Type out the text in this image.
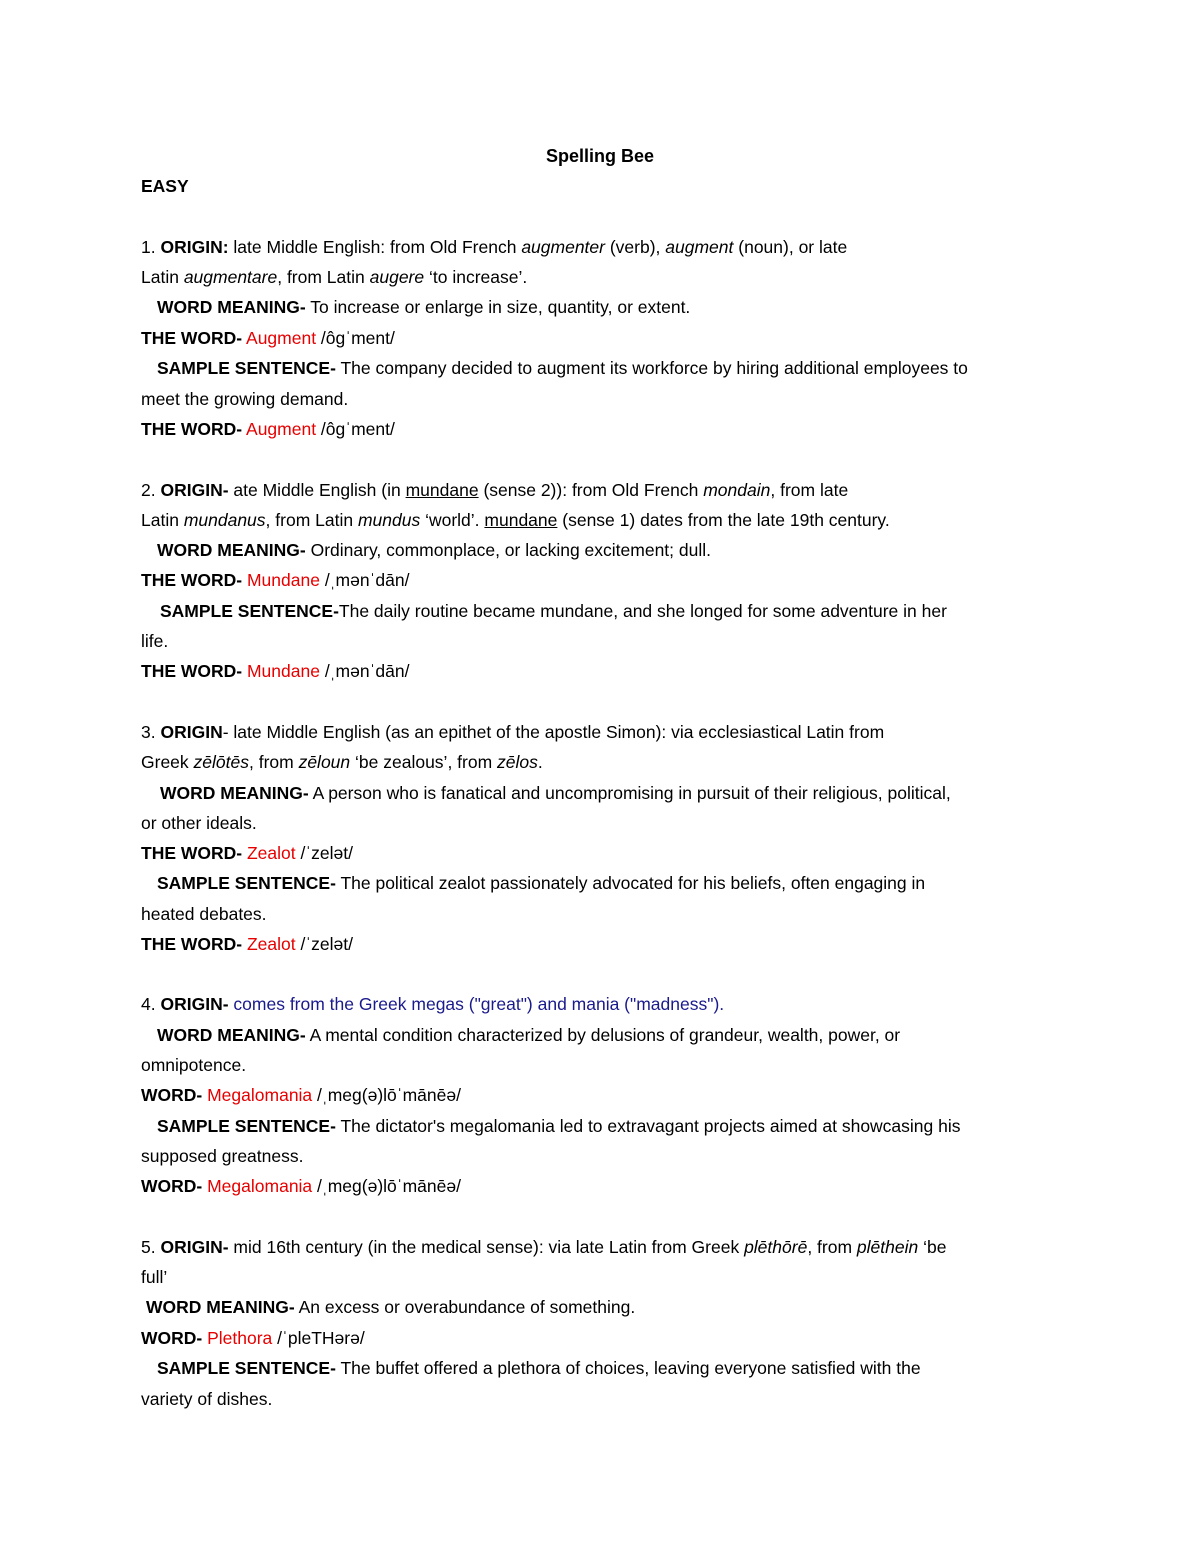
Spelling Bee
EASY
1. ORIGIN: late Middle English: from Old French augmenter (verb), augment (noun), or late
Latin augmentare, from Latin augere ‘to increase’.
WORD MEANING- To increase or enlarge in size, quantity, or extent.
THE WORD- Augment /ôɡˈment/
SAMPLE SENTENCE- The company decided to augment its workforce by hiring additional employees to
meet the growing demand.
THE WORD- Augment /ôɡˈment/
2. ORIGIN- ate Middle English (in mundane (sense 2)): from Old French mondain, from late
Latin mundanus, from Latin mundus ‘world’. mundane (sense 1) dates from the late 19th century.
WORD MEANING- Ordinary, commonplace, or lacking excitement; dull.
THE WORD- Mundane /ˌmənˈdān/
SAMPLE SENTENCE-The daily routine became mundane, and she longed for some adventure in her
life.
THE WORD- Mundane /ˌmənˈdān/
3. ORIGIN- late Middle English (as an epithet of the apostle Simon): via ecclesiastical Latin from
Greek zēlōtēs, from zēloun ‘be zealous’, from zēlos.
WORD MEANING- A person who is fanatical and uncompromising in pursuit of their religious, political,
or other ideals.
THE WORD- Zealot /ˈzelət/
SAMPLE SENTENCE- The political zealot passionately advocated for his beliefs, often engaging in
heated debates.
THE WORD- Zealot /ˈzelət/
4. ORIGIN- comes from the Greek megas ("great") and mania ("madness").
WORD MEANING- A mental condition characterized by delusions of grandeur, wealth, power, or
omnipotence.
WORD- Megalomania /ˌmeɡ(ə)lōˈmānēə/
SAMPLE SENTENCE- The dictator's megalomania led to extravagant projects aimed at showcasing his
supposed greatness.
WORD- Megalomania /ˌmeɡ(ə)lōˈmānēə/
5. ORIGIN- mid 16th century (in the medical sense): via late Latin from Greek plēthōrē, from plēthein ‘be
full’
WORD MEANING- An excess or overabundance of something.
WORD- Plethora /ˈpleTHərə/
SAMPLE SENTENCE- The buffet offered a plethora of choices, leaving everyone satisfied with the
variety of dishes.
